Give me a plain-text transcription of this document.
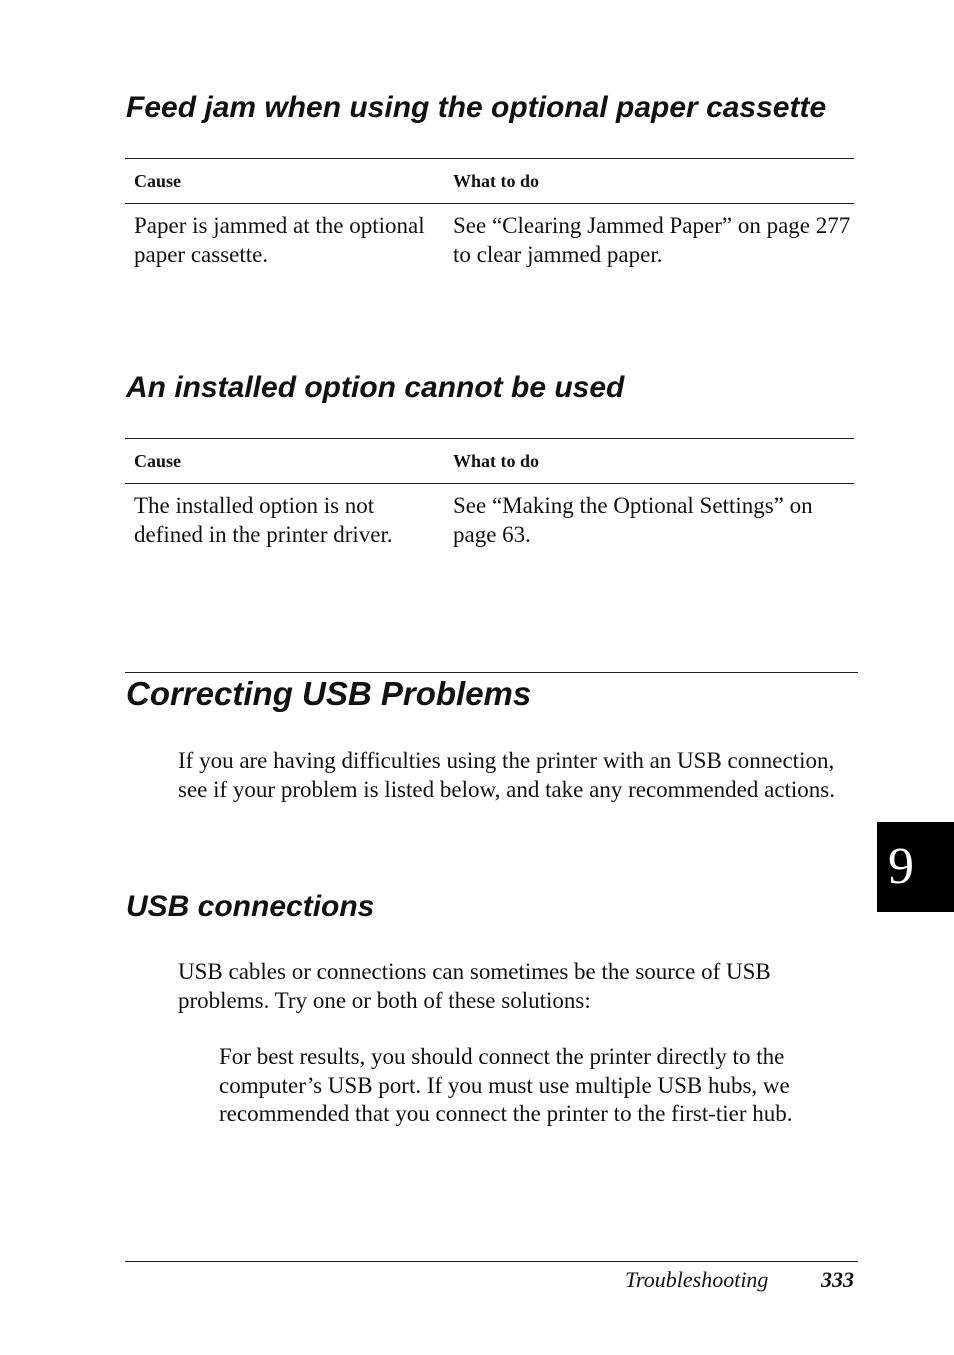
Feed jam when using the optional paper cassette
Cause	What to do
Paper is jammed at the optional paper cassette.
See “Clearing Jammed Paper” on page 277 to clear jammed paper.
An installed option cannot be used
Cause	What to do
The installed option is not defined in the printer driver.
See “Making the Optional Settings” on page 63.
Correcting USB Problems

If you are having difficulties using the printer with an USB connection, see if your problem is listed below, and take any recommended actions.

USB connections

USB cables or connections can sometimes be the source of USB problems. Try one or both of these solutions:

For best results, you should connect the printer directly to the computer’s USB port. If you must use multiple USB hubs, we recommended that you connect the printer to the first-tier hub.

9
Troubleshooting 333
